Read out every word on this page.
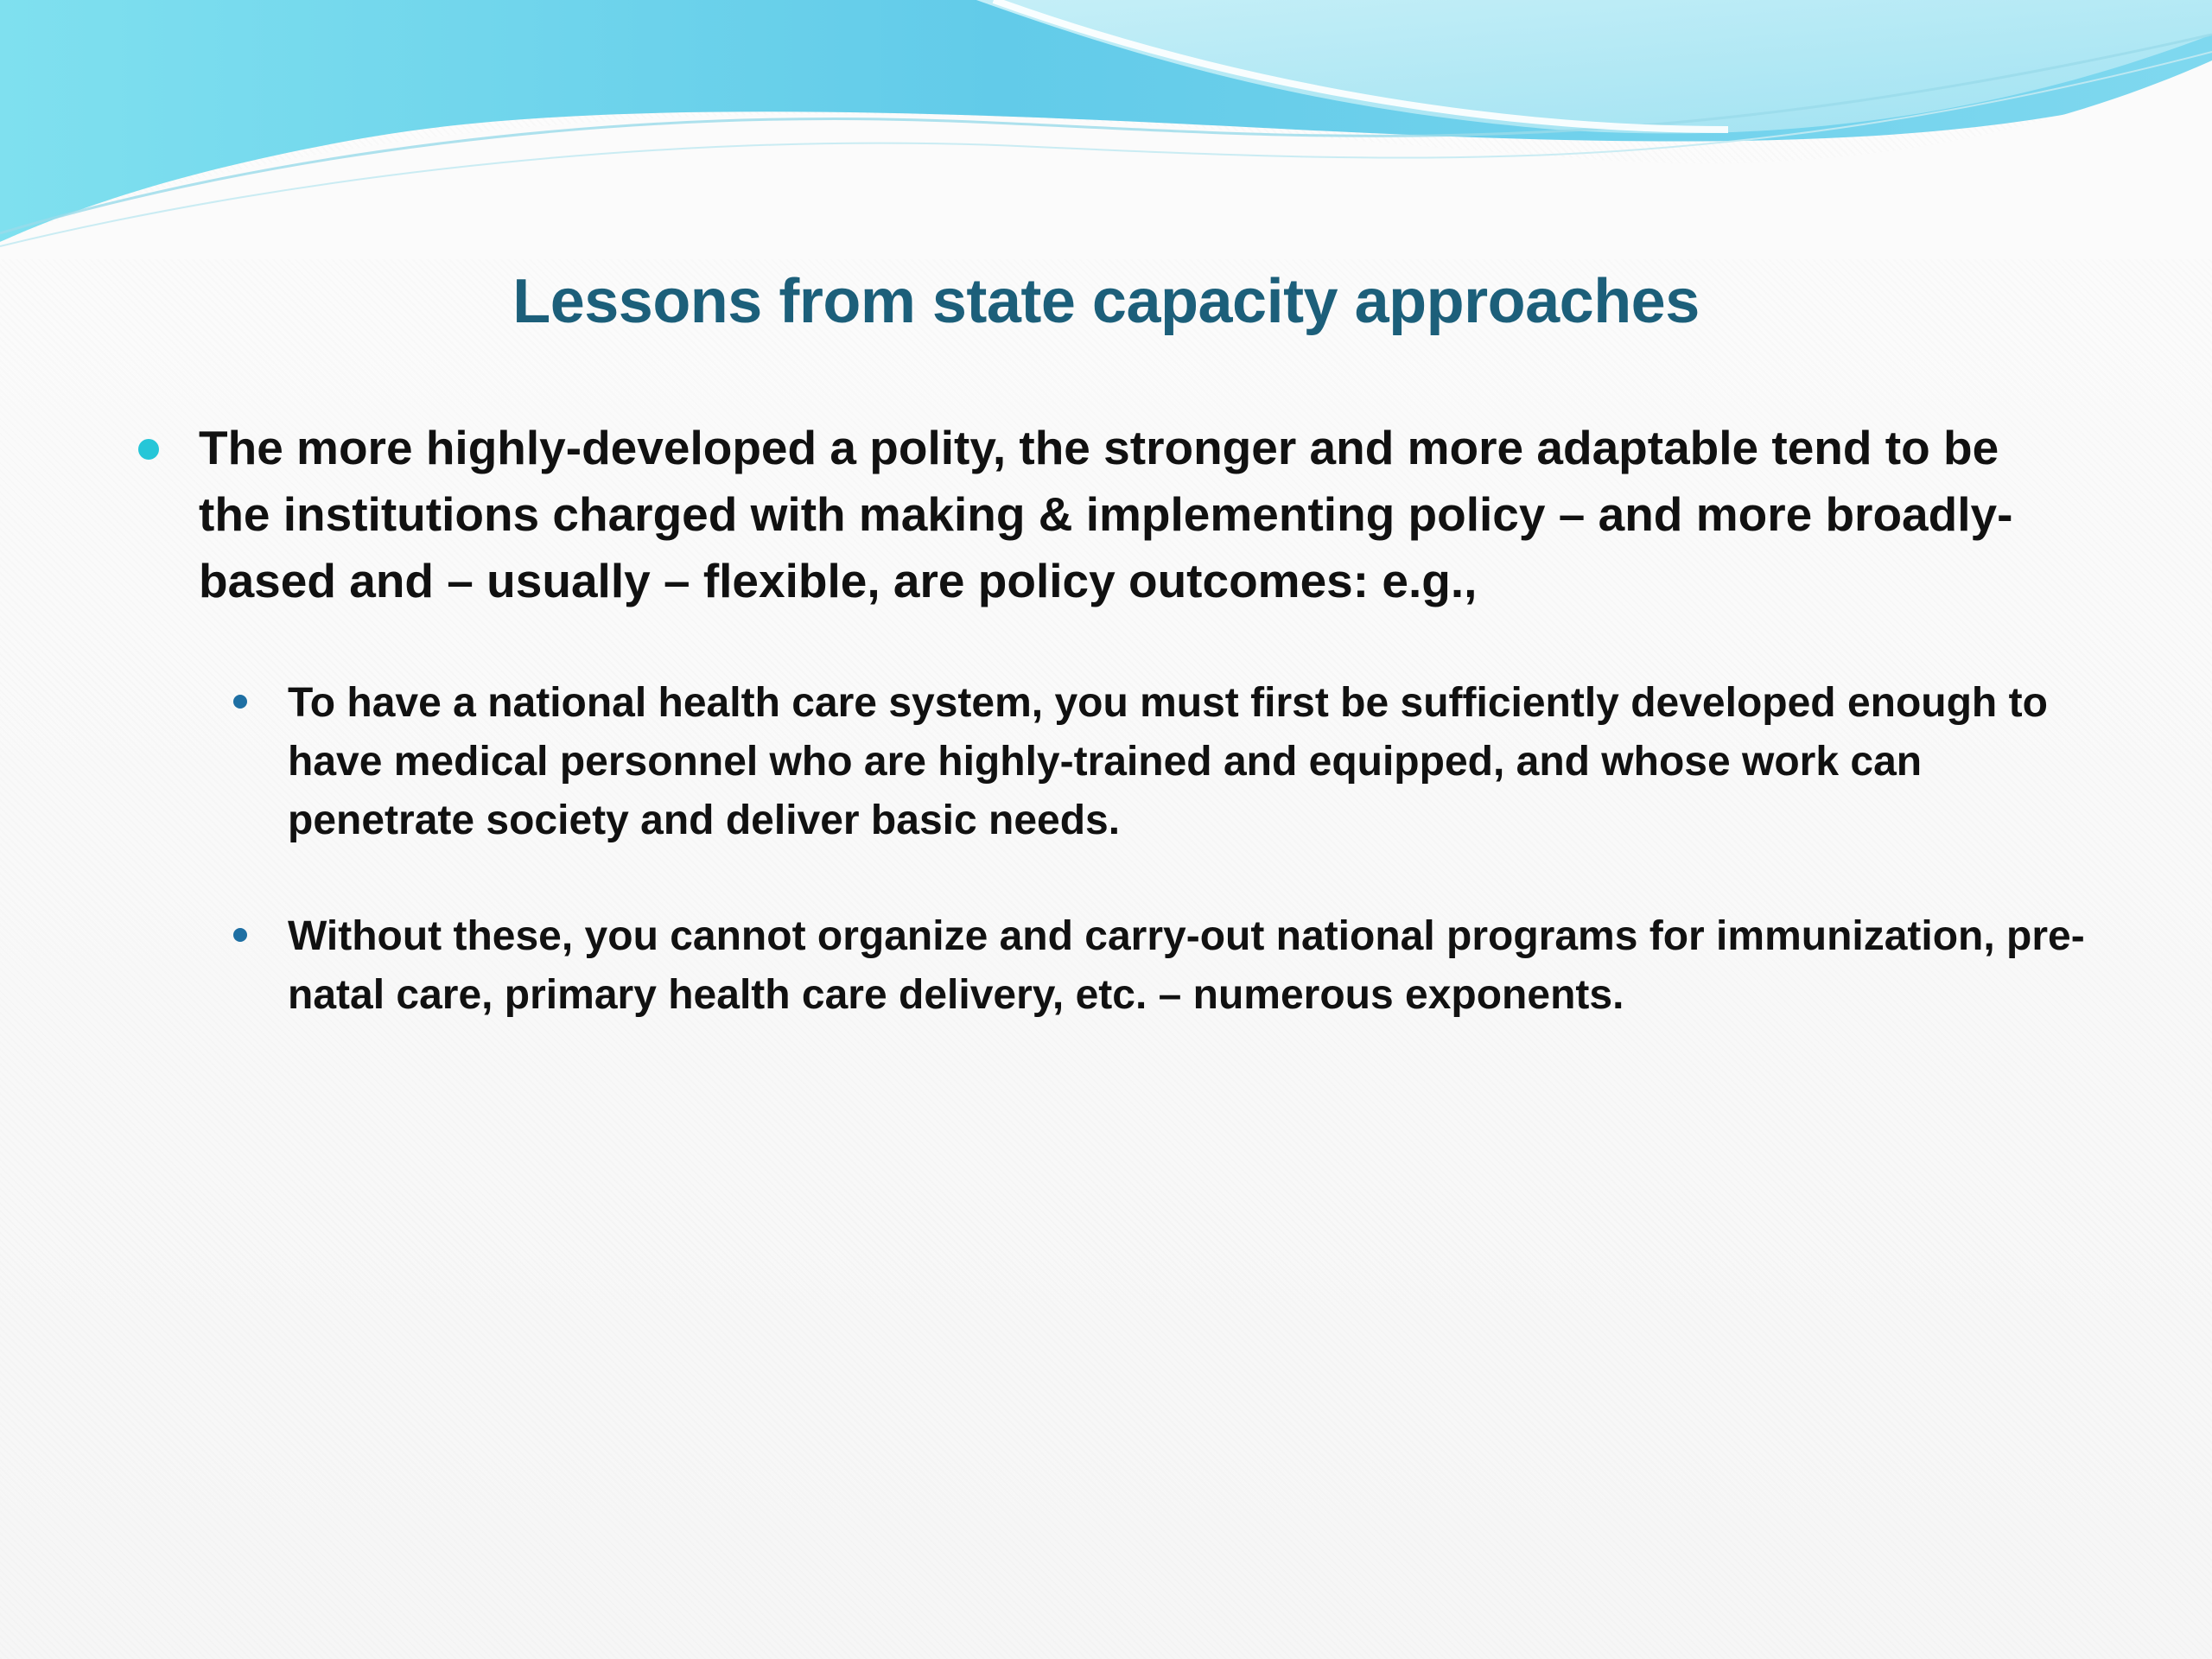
Lessons from state capacity approaches
The more highly-developed a polity, the stronger and more adaptable tend to be the institutions charged with making & implementing policy – and more broadly-based and – usually – flexible, are policy outcomes: e.g.,
To have a national health care system, you must first be sufficiently developed enough to have medical personnel who are highly-trained and equipped, and whose work can penetrate society and deliver basic needs.
Without these, you cannot organize and carry-out national programs for immunization, pre-natal care, primary health care delivery, etc. – numerous exponents.
